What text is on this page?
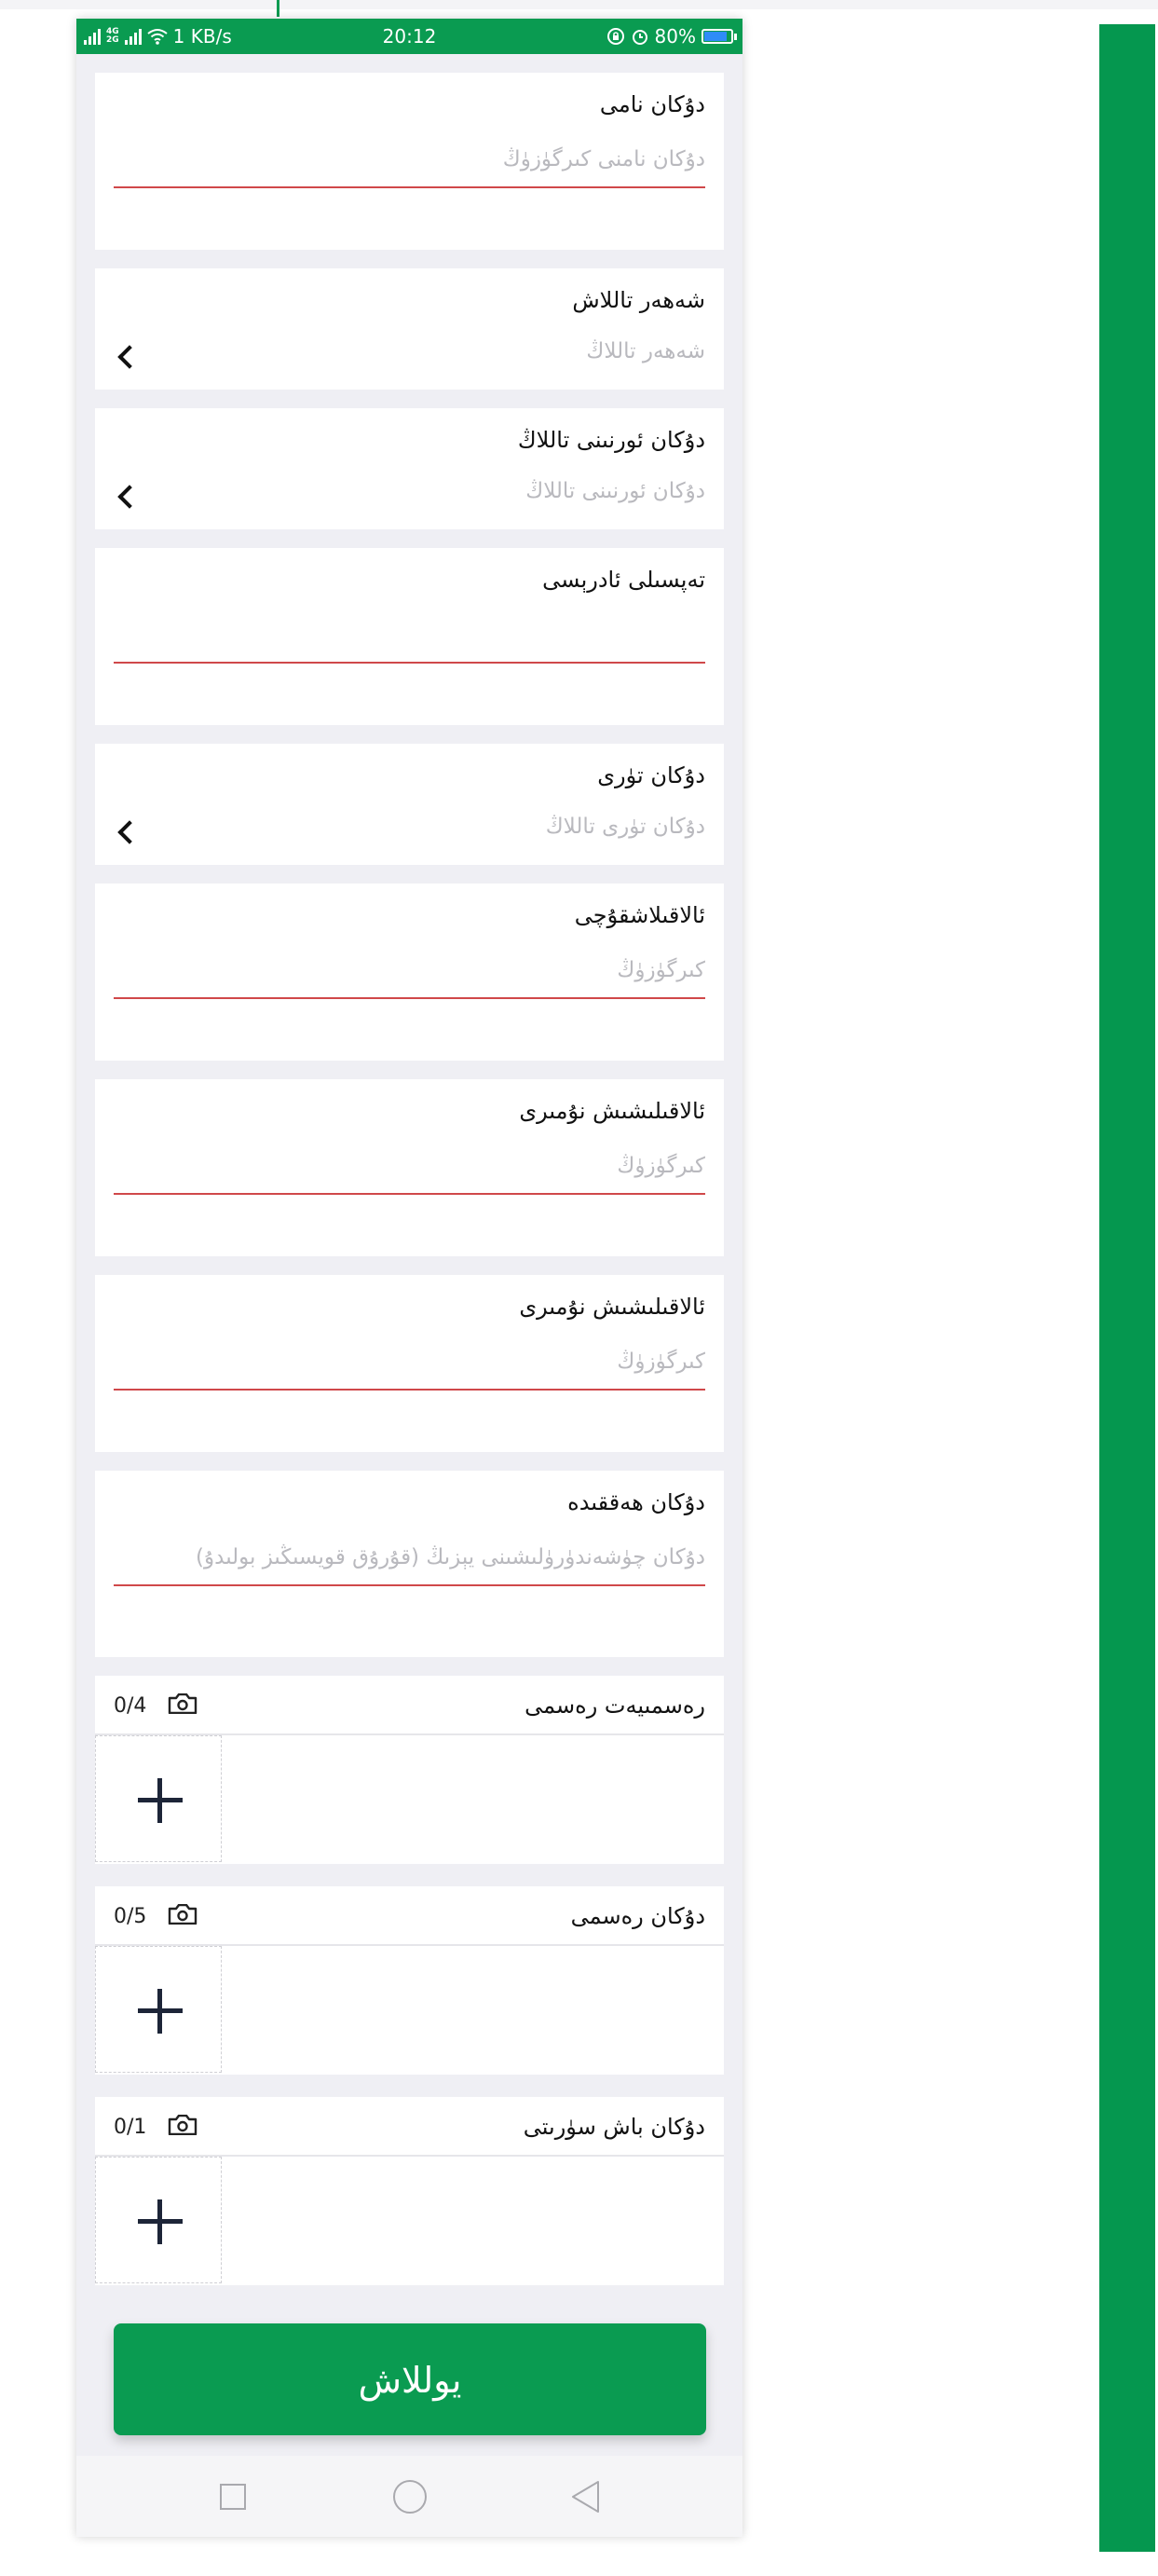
4G
2G	1 KB/s	20:12	80%
دۇكان نامى
دۇكان نامنى كىرگۈزۈڭ
شەھەر تاللاش
شەھەر تاللاڭ
دۇكان ئورنىنى تاللاڭ
دۇكان ئورنىنى تاللاڭ
تەپسىلى ئادرېسى
دۇكان تۈرى
دۇكان تۈرى تاللاڭ
ئالاقىلاشقۇچى
كىرگۈزۈڭ
ئالاقىلىشىش نۇمىرى
كىرگۈزۈڭ
ئالاقىلىشىش نۇمىرى
كىرگۈزۈڭ
دۇكان ھەققىدە
دۇكان چۈشەندۈرۈلىشىنى يېزىڭ (قۇرۇق قويسىڭىز بولىدۇ)
رەسمىيەت رەسمى
0/4
دۇكان رەسمى
0/5
دۇكان باش سۈرىتى
0/1
يوللاش
